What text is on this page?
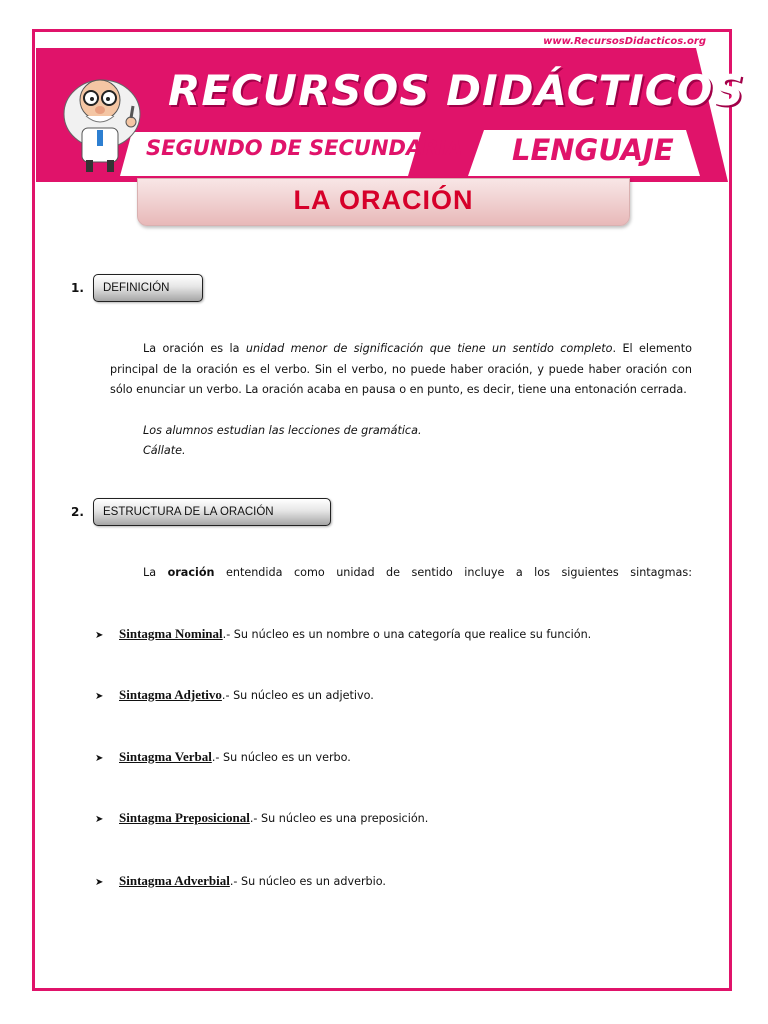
www.RecursosDidacticos.org
RECURSOS DIDÁCTICOS
SEGUNDO DE SECUNDARIA LENGUAJE
LA ORACIÓN
1.	DEFINICIÓN
La oración es la unidad menor de significación que tiene un sentido completo. El elemento principal de la oración es el verbo. Sin el verbo, no puede haber oración, y puede haber oración con sólo enunciar un verbo. La oración acaba en pausa o en punto, es decir, tiene una entonación cerrada.
Los alumnos estudian las lecciones de gramática.
Cállate.
2.	ESTRUCTURA DE LA ORACIÓN
La oración entendida como unidad de sentido incluye a los siguientes sintagmas:
➤ Sintagma Nominal.- Su núcleo es un nombre o una categoría que realice su función.
➤ Sintagma Adjetivo.- Su núcleo es un adjetivo.
➤ Sintagma Verbal.- Su núcleo es un verbo.
➤ Sintagma Preposicional.- Su núcleo es una preposición.
➤ Sintagma Adverbial.- Su núcleo es un adverbio.
